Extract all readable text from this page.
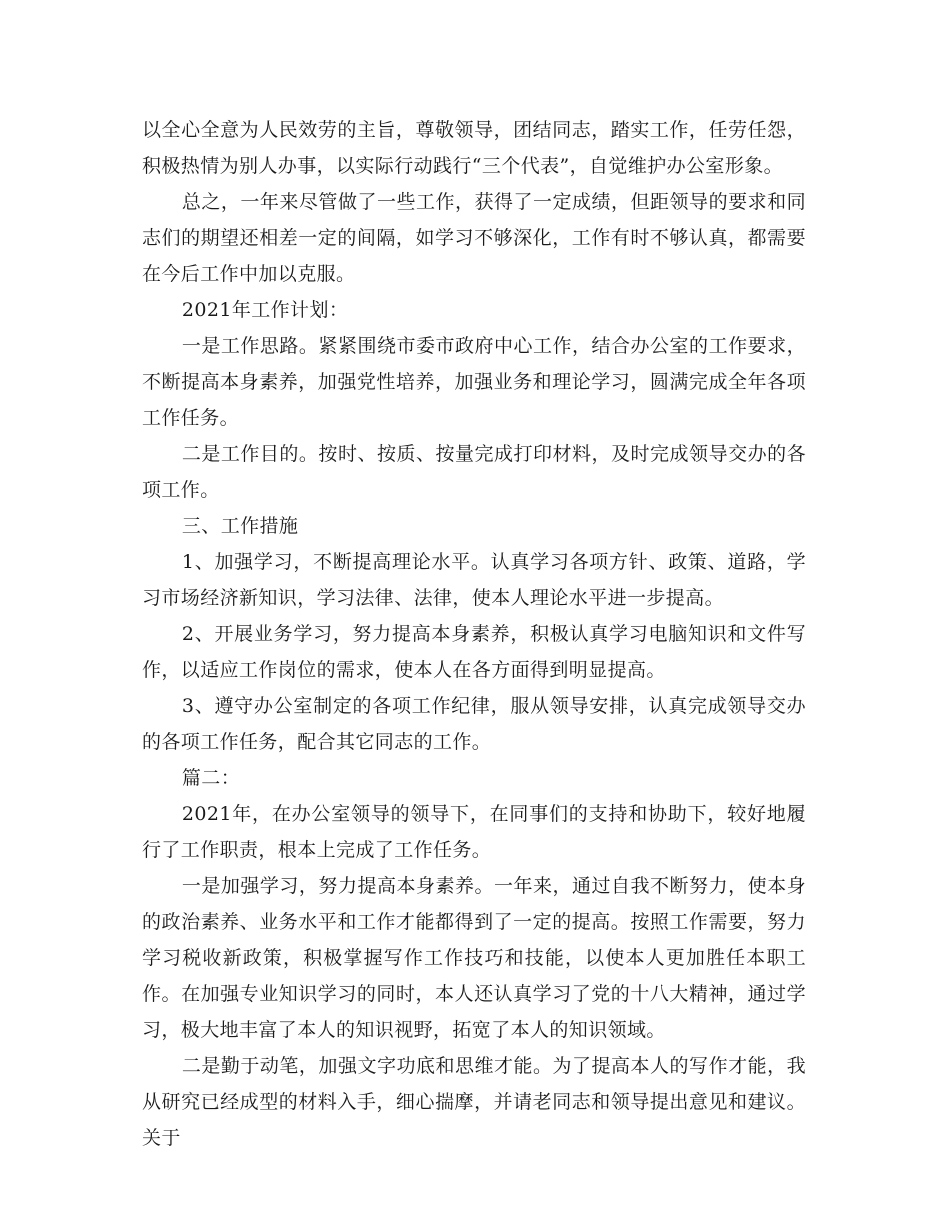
以全心全意为人民效劳的主旨，尊敬领导，团结同志，踏实工作，任劳任怨，积极热情为别人办事，以实际行动践行“三个代表”，自觉维护办公室形象。

总之，一年来尽管做了一些工作，获得了一定成绩，但距领导的要求和同志们的期望还相差一定的间隔，如学习不够深化，工作有时不够认真，都需要在今后工作中加以克服。

2021年工作计划：

一是工作思路。紧紧围绕市委市政府中心工作，结合办公室的工作要求，不断提高本身素养，加强党性培养，加强业务和理论学习，圆满完成全年各项工作任务。

二是工作目的。按时、按质、按量完成打印材料，及时完成领导交办的各项工作。

三、工作措施

1、加强学习，不断提高理论水平。认真学习各项方针、政策、道路，学习市场经济新知识，学习法律、法律，使本人理论水平进一步提高。

2、开展业务学习，努力提高本身素养，积极认真学习电脑知识和文件写作，以适应工作岗位的需求，使本人在各方面得到明显提高。

3、遵守办公室制定的各项工作纪律，服从领导安排，认真完成领导交办的各项工作任务，配合其它同志的工作。

篇二：

2021年，在办公室领导的领导下，在同事们的支持和协助下，较好地履行了工作职责，根本上完成了工作任务。

一是加强学习，努力提高本身素养。一年来，通过自我不断努力，使本身的政治素养、业务水平和工作才能都得到了一定的提高。按照工作需要，努力学习税收新政策，积极掌握写作工作技巧和技能，以使本人更加胜任本职工作。在加强专业知识学习的同时，本人还认真学习了党的十八大精神，通过学习，极大地丰富了本人的知识视野，拓宽了本人的知识领域。

二是勤于动笔，加强文字功底和思维才能。为了提高本人的写作才能，我从研究已经成型的材料入手，细心揣摩，并请老同志和领导提出意见和建议。关于
